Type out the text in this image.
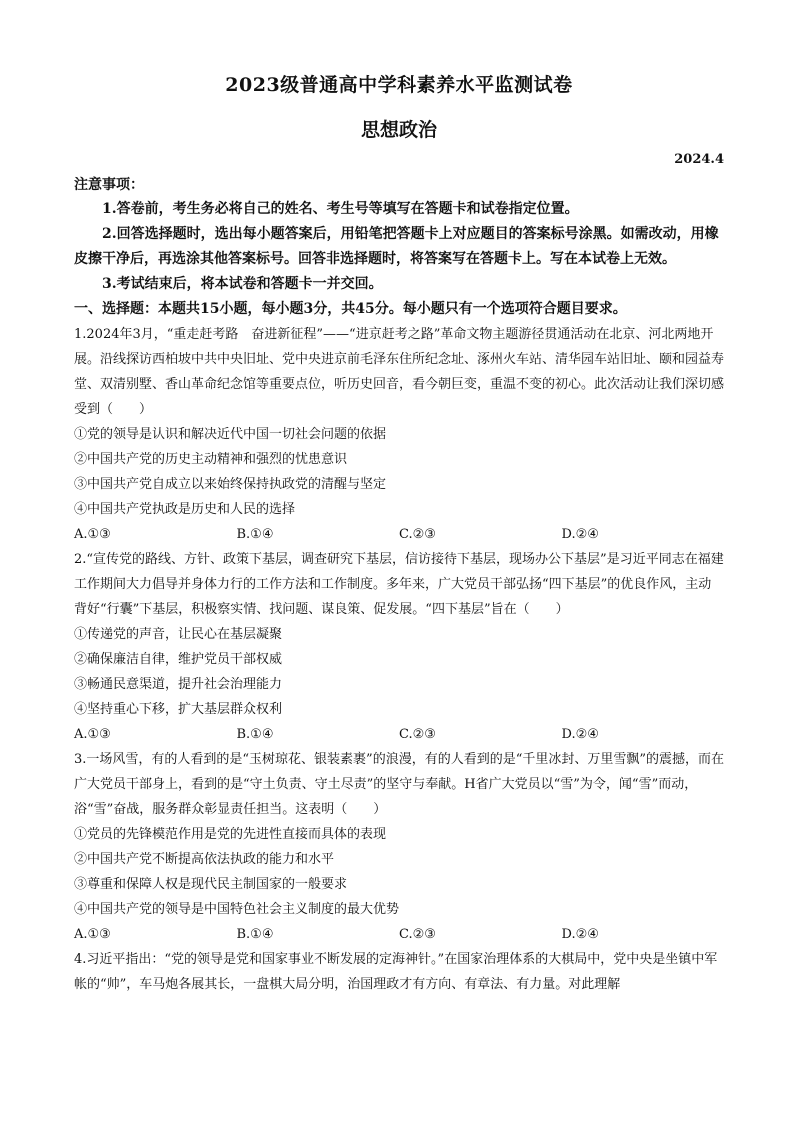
2023级普通高中学科素养水平监测试卷
思想政治
2024.4
注意事项：

1.答卷前，考生务必将自己的姓名、考生号等填写在答题卡和试卷指定位置。

2.回答选择题时，选出每小题答案后，用铅笔把答题卡上对应题目的答案标号涂黑。如需改动，用橡皮擦干净后，再选涂其他答案标号。回答非选择题时，将答案写在答题卡上。写在本试卷上无效。

3.考试结束后，将本试卷和答题卡一并交回。

一、选择题：本题共15小题，每小题3分，共45分。每小题只有一个选项符合题目要求。

1.2024年3月，“重走赶考路　奋进新征程”——“进京赶考之路”革命文物主题游径贯通活动在北京、河北两地开展。沿线探访西柏坡中共中央旧址、党中央进京前毛泽东住所纪念址、涿州火车站、清华园车站旧址、颐和园益寿堂、双清别墅、香山革命纪念馆等重要点位，听历史回音，看今朝巨变，重温不变的初心。此次活动让我们深切感受到（　　）

①党的领导是认识和解决近代中国一切社会问题的依据

②中国共产党的历史主动精神和强烈的忧患意识

③中国共产党自成立以来始终保持执政党的清醒与坚定

④中国共产党执政是历史和人民的选择

A.①③	B.①④	C.②③	D.②④

2.“宣传党的路线、方针、政策下基层，调查研究下基层，信访接待下基层，现场办公下基层”是习近平同志在福建工作期间大力倡导并身体力行的工作方法和工作制度。多年来，广大党员干部弘扬“四下基层”的优良作风，主动背好“行囊”下基层，积极察实情、找问题、谋良策、促发展。“四下基层”旨在（　　）

①传递党的声音，让民心在基层凝聚

②确保廉洁自律，维护党员干部权威

③畅通民意渠道，提升社会治理能力

④坚持重心下移，扩大基层群众权利

A.①③	B.①④	C.②③	D.②④

3.一场风雪，有的人看到的是“玉树琼花、银装素裹”的浪漫，有的人看到的是“千里冰封、万里雪飘”的震撼，而在广大党员干部身上，看到的是“守土负责、守土尽责”的坚守与奉献。H省广大党员以“雪”为令，闻“雪”而动，浴“雪”奋战，服务群众彰显责任担当。这表明（　　）

①党员的先锋模范作用是党的先进性直接而具体的表现

②中国共产党不断提高依法执政的能力和水平

③尊重和保障人权是现代民主制国家的一般要求

④中国共产党的领导是中国特色社会主义制度的最大优势

A.①③	B.①④	C.②③	D.②④

4.习近平指出：“党的领导是党和国家事业不断发展的定海神针。”在国家治理体系的大棋局中，党中央是坐镇中军帐的“帅”，车马炮各展其长，一盘棋大局分明，治国理政才有方向、有章法、有力量。对此理解
